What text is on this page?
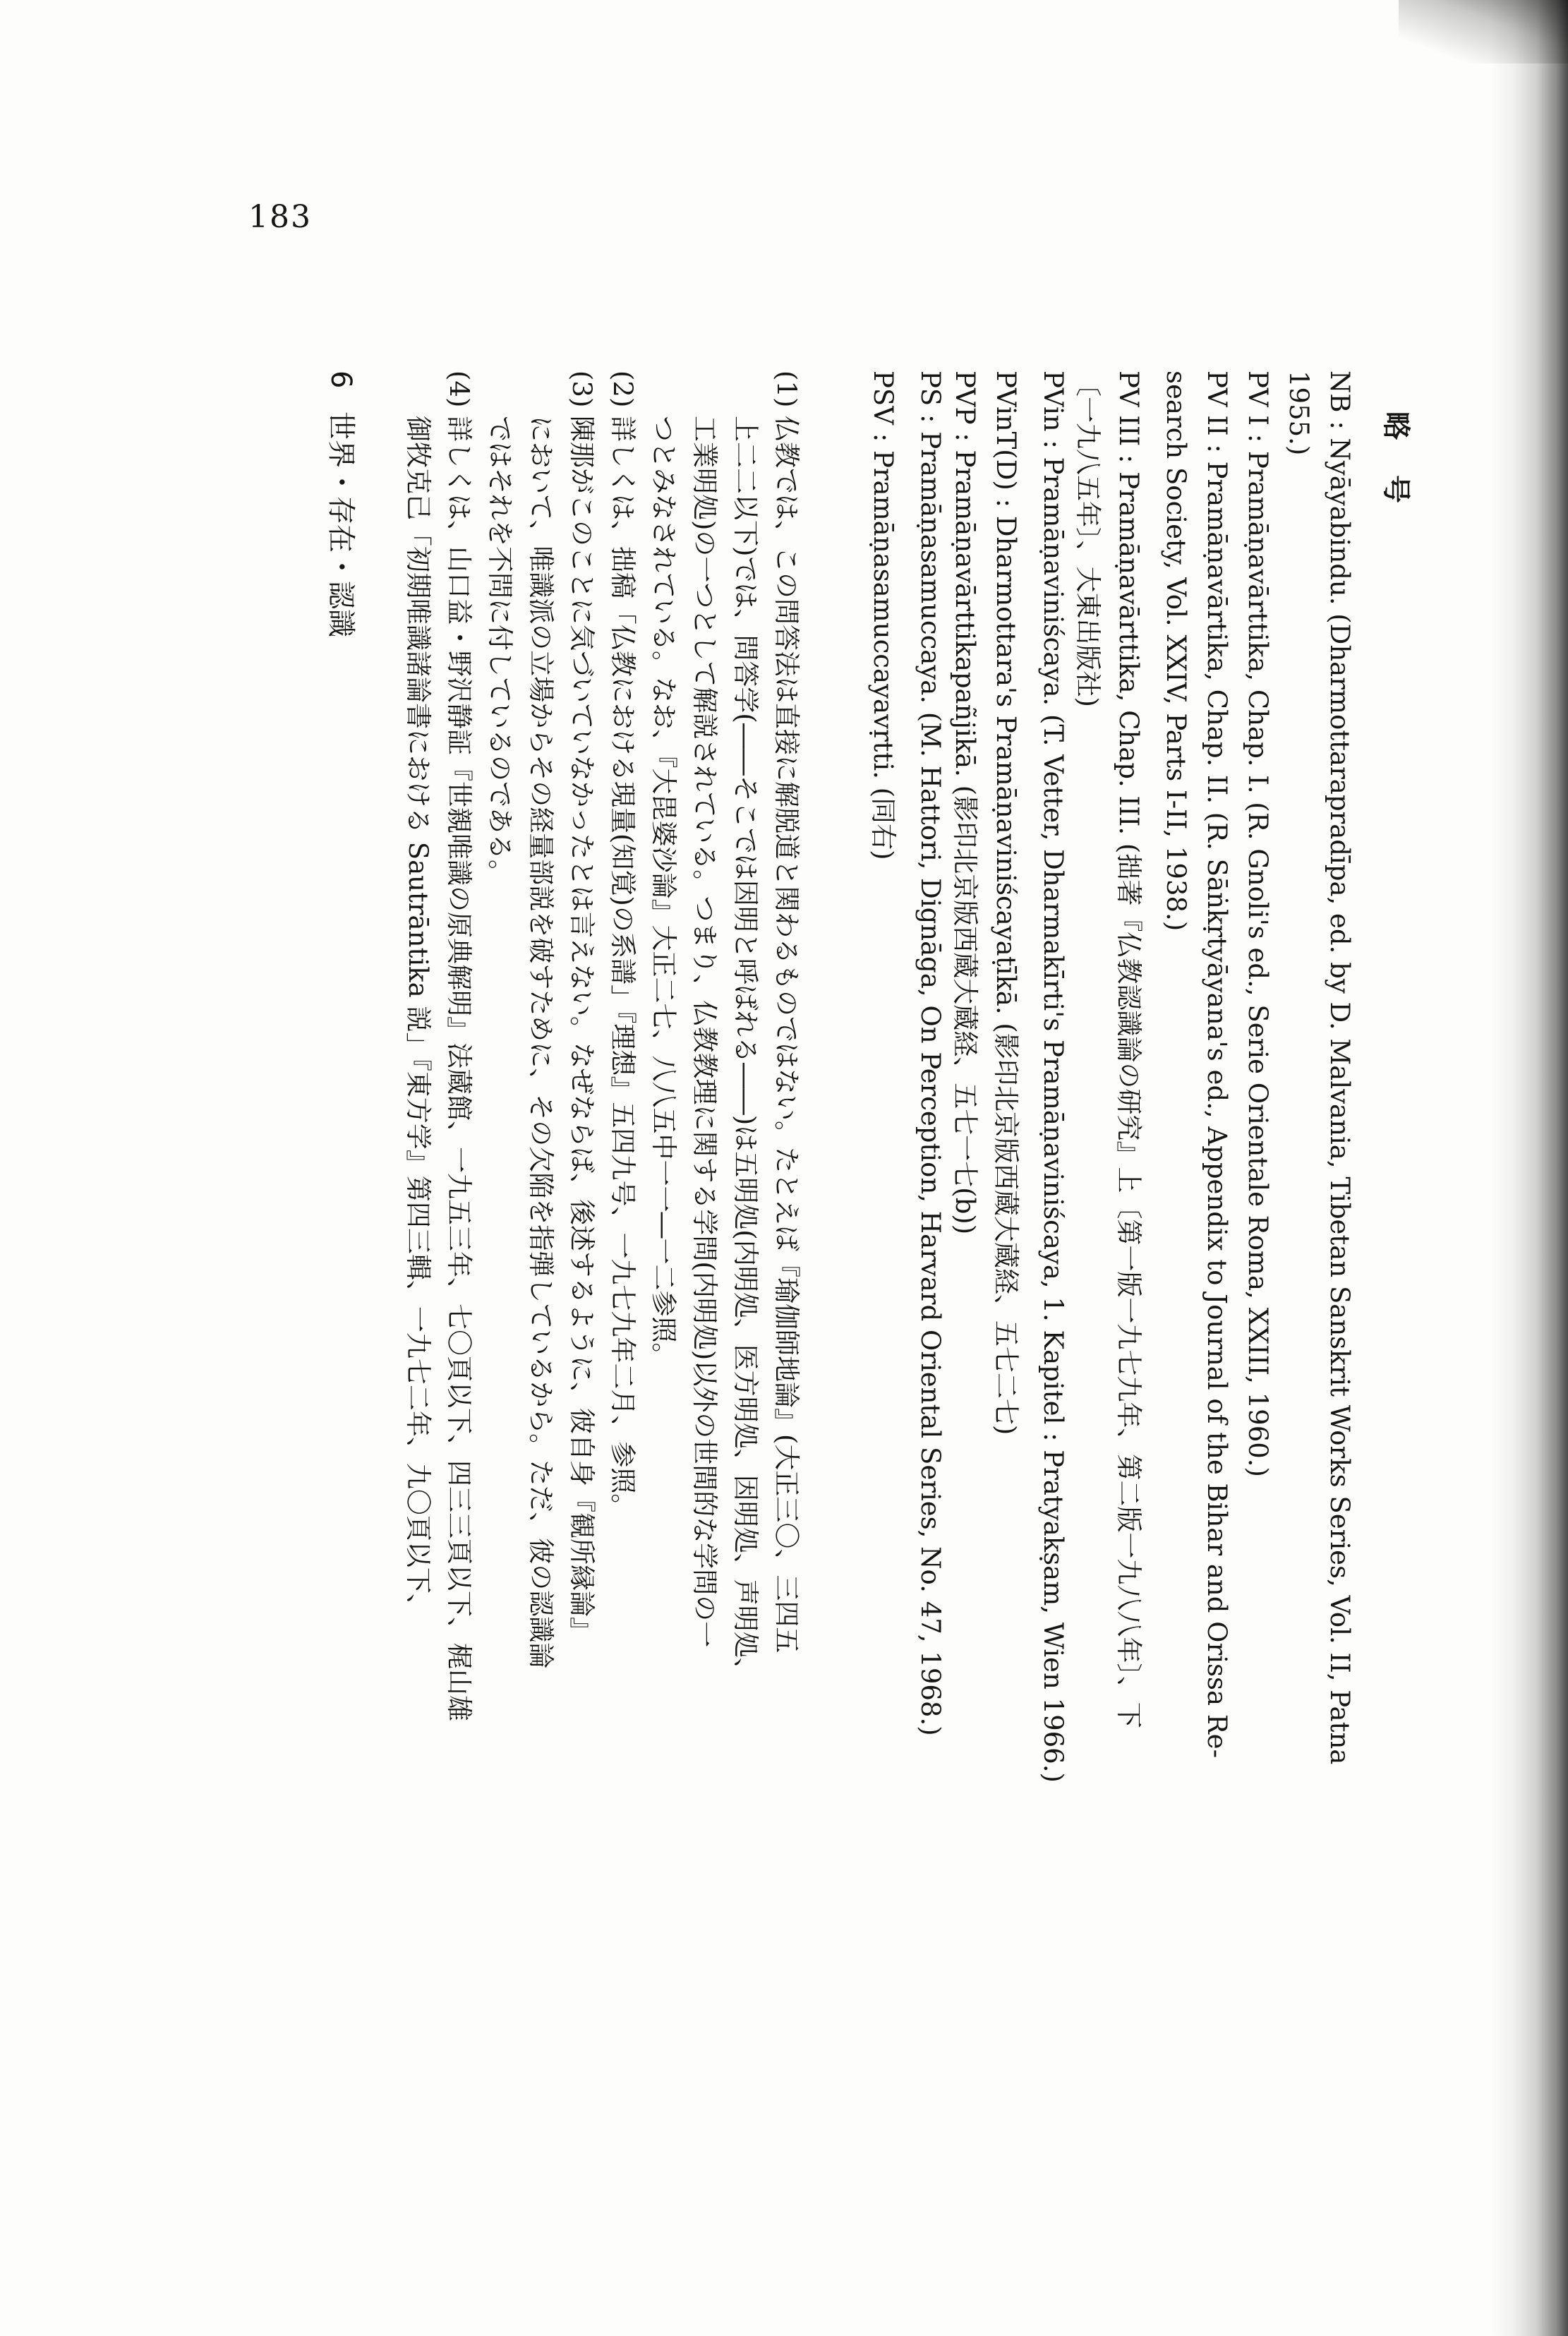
183
略号
NB : Nyāyabindu. (Dharmottarapradīpa, ed. by D. Malvania, Tibetan Sanskrit Works Series, Vol. II, Patna
1955.)
PV I : Pramāṇavārttika, Chap. I. (R. Gnoli's ed., Serie Orientale Roma, XXIII, 1960.)
PV II : Pramāṇavārtika, Chap. II. (R. Sāṅkṛtyāyana's ed., Appendix to Journal of the Bihar and Orissa Re-
search Society, Vol. XXIV, Parts I-II, 1938.)
PV III : Pramāṇavārttika, Chap. III. (拙著『仏教認識論の研究』上〔第一版一九七九年、第二版一九八八年〕、下
〔一九八五年〕、大東出版社)
PVin : Pramāṇaviniścaya. (T. Vetter, Dharmakīrti's Pramāṇaviniścaya, 1. Kapitel : Pratyakṣam, Wien 1966.)
PVinT(D) : Dharmottara's Pramāṇaviniścayaṭīkā. (影印北京版西蔵大蔵経、五七二七)
PVP : Pramāṇavārttikapañjikā. (影印北京版西蔵大蔵経、五七一七(b))
PS : Pramāṇasamuccaya. (M. Hattori, Dignāga, On Perception, Harvard Oriental Series, No. 47, 1968.)
PSV : Pramāṇasamuccayavṛtti. (同右)
(1)仏教では、この問答法は直接に解脱道と関わるものではない。たとえば『瑜伽師地論』(大正三〇、三四五
上二二以下)では、問答学(――そこでは因明と呼ばれる――)は五明処(内明処、医方明処、因明処、声明処、
工業明処)の一つとして解説されている。つまり、仏教教理に関する学問(内明処)以外の世間的な学問の一
つとみなされている。なお、『大毘婆沙論』大正二七、八八五中一一―一二参照。
(2)詳しくは、拙稿「仏教における現量(知覚)の系譜」『理想』五四九号、一九七九年二月、参照。
(3)陳那がこのことに気づいていなかったとは言えない。なぜならば、後述するように、彼自身『観所縁論』
において、唯識派の立場からその経量部説を破すために、その欠陥を指弾しているから。ただ、彼の認識論
ではそれを不問に付しているのである。
(4)詳しくは、山口益・野沢静証『世親唯識の原典解明』法蔵館、一九五三年、七〇頁以下、四三三頁以下、梶山雄
御牧克己「初期唯識諸論書における Sautrāntika 説」『東方学』第四三輯、一九七二年、九〇頁以下、
6世界・存在・認識
